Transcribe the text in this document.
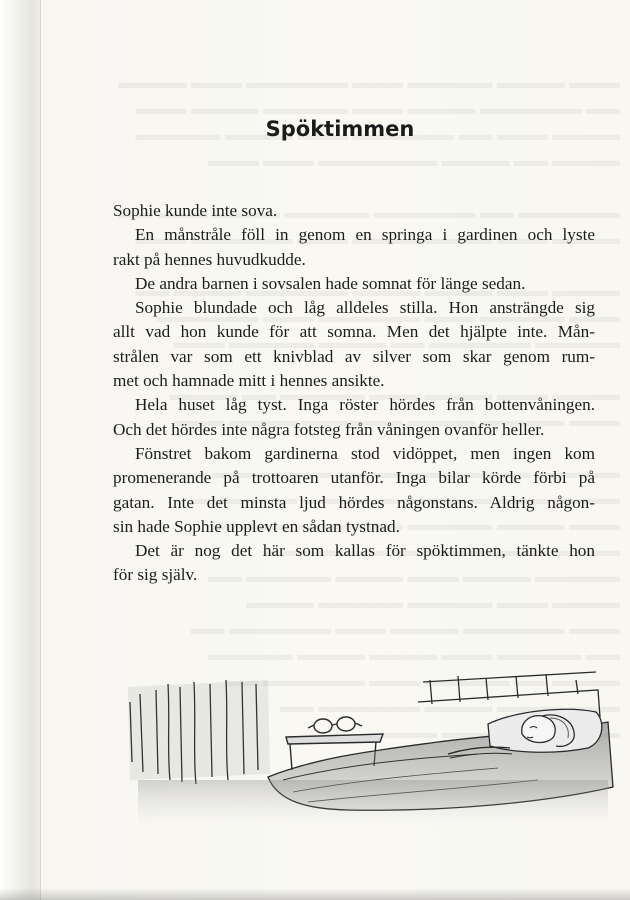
Spöktimmen
Sophie kunde inte sova.
En månstråle föll in genom en springa i gardinen och lyste
rakt på hennes huvudkudde.
De andra barnen i sovsalen hade somnat för länge sedan.
Sophie blundade och låg alldeles stilla. Hon ansträngde sig
allt vad hon kunde för att somna. Men det hjälpte inte. Mån-
strålen var som ett knivblad av silver som skar genom rum-
met och hamnade mitt i hennes ansikte.
Hela huset låg tyst. Inga röster hördes från bottenvåningen.
Och det hördes inte några fotsteg från våningen ovanför heller.
Fönstret bakom gardinerna stod vidöppet, men ingen kom
promenerande på trottoaren utanför. Inga bilar körde förbi på
gatan. Inte det minsta ljud hördes någonstans. Aldrig någon-
sin hade Sophie upplevt en sådan tystnad.
Det är nog det här som kallas för spöktimmen, tänkte hon
för sig själv.
